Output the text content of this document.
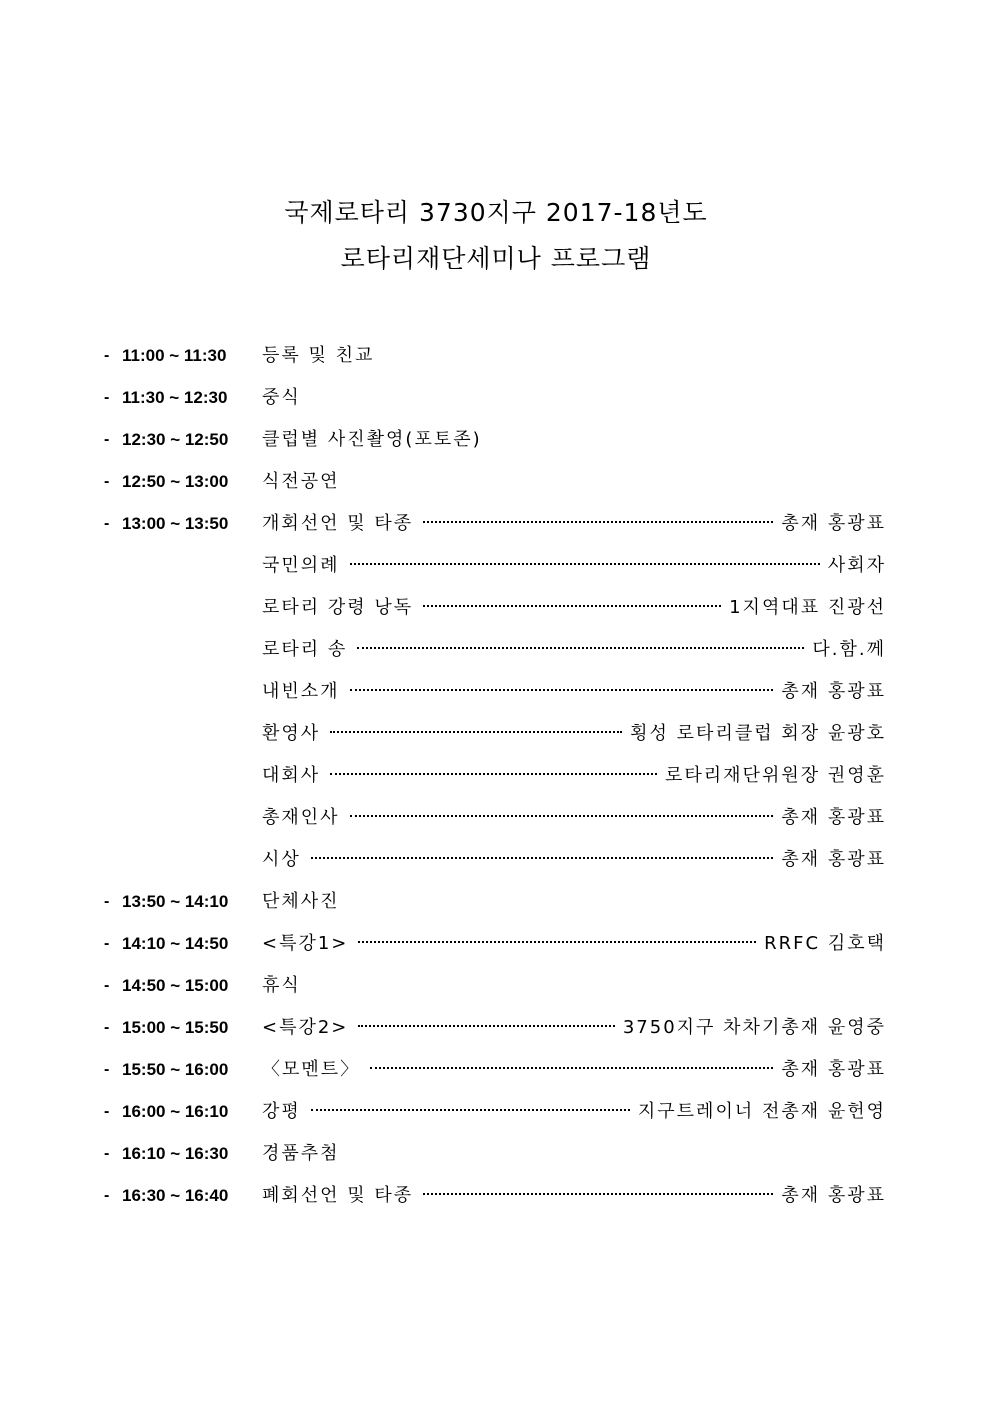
국제로타리 3730지구 2017-18년도
로타리재단세미나 프로그램
- 11:00 ~ 11:30	등록 및 친교
- 11:30 ~ 12:30	중식
- 12:30 ~ 12:50	클럽별 사진촬영(포토존)
- 12:50 ~ 13:00	식전공연
- 13:00 ~ 13:50	개회선언 및 타종	총재 홍광표
국민의례	사회자
로타리 강령 낭독	1지역대표 진광선
로타리 송	다.함.께
내빈소개	총재 홍광표
환영사	횡성 로타리클럽 회장 윤광호
대회사	로타리재단위원장 권영훈
총재인사	총재 홍광표
시상	총재 홍광표
- 13:50 ~ 14:10	단체사진
- 14:10 ~ 14:50	<특강1>	RRFC 김호택
- 14:50 ~ 15:00	휴식
- 15:00 ~ 15:50	<특강2>	3750지구 차차기총재 윤영중
- 15:50 ~ 16:00	〈모멘트〉	총재 홍광표
- 16:00 ~ 16:10	강평	지구트레이너 전총재 윤헌영
- 16:10 ~ 16:30	경품추첨
- 16:30 ~ 16:40	폐회선언 및 타종	총재 홍광표
